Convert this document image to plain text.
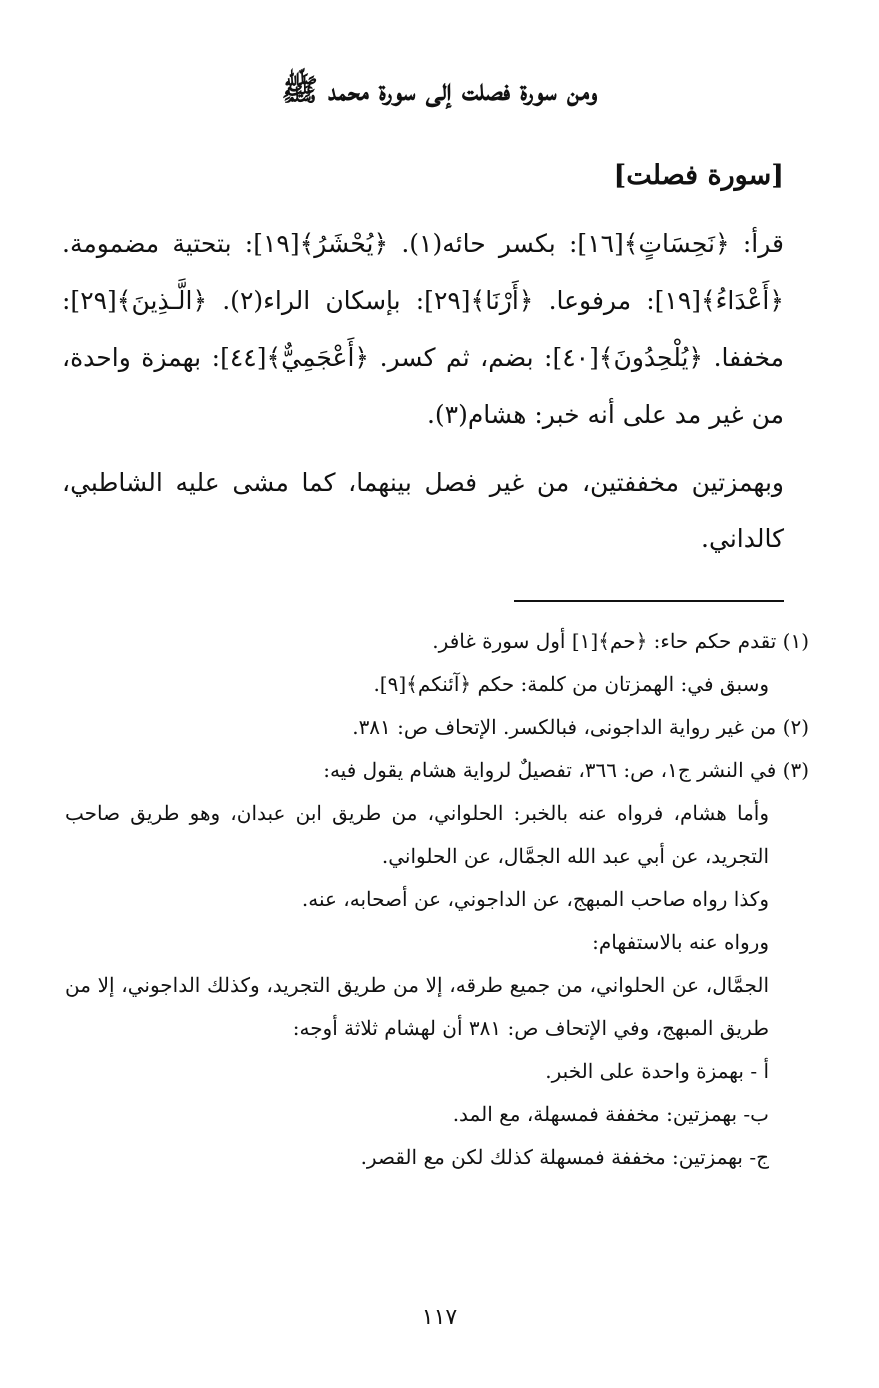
ومن سورة فصلت إلى سورة محمد ﷺ
[سورة فصلت]

قرأ: ﴿نَحِسَاتٍ﴾[١٦]: بكسر حائه(١). ﴿يُحْشَرُ﴾[١٩]: بتحتية مضمومة. ﴿أَعْدَاءُ﴾[١٩]: مرفوعا. ﴿أَرْنَا﴾[٢٩]: بإسكان الراء(٢). ﴿الَّـذِينَ﴾[٢٩]: مخففا. ﴿يُلْحِدُونَ﴾[٤٠]: بضم، ثم كسر. ﴿أَعْجَمِيٌّ﴾[٤٤]: بهمزة واحدة، من غير مد على أنه خبر: هشام(٣).

وبهمزتين مخففتين، من غير فصل بينهما، كما مشى عليه الشاطبي، كالداني.

(١) تقدم حكم حاء: ﴿حم﴾[١] أول سورة غافر.
وسبق في: الهمزتان من كلمة: حكم ﴿آئنكم﴾[٩].
(٢) من غير رواية الداجونى، فبالكسر. الإتحاف ص: ٣٨١.
(٣) في النشر ج١، ص: ٣٦٦، تفصيلٌ لرواية هشام يقول فيه:
وأما هشام، فرواه عنه بالخبر: الحلواني، من طريق ابن عبدان، وهو طريق صاحب التجريد، عن أبي عبد الله الجمَّال، عن الحلواني.
وكذا رواه صاحب المبهج، عن الداجوني، عن أصحابه، عنه.
ورواه عنه بالاستفهام:
الجمَّال، عن الحلواني، من جميع طرقه، إلا من طريق التجريد، وكذلك الداجوني، إلا من طريق المبهج، وفي الإتحاف ص: ٣٨١ أن لهشام ثلاثة أوجه:
أ - بهمزة واحدة على الخبر.
ب- بهمزتين: مخففة فمسهلة، مع المد.
ج- بهمزتين: مخففة فمسهلة كذلك لكن مع القصر.
١١٧
